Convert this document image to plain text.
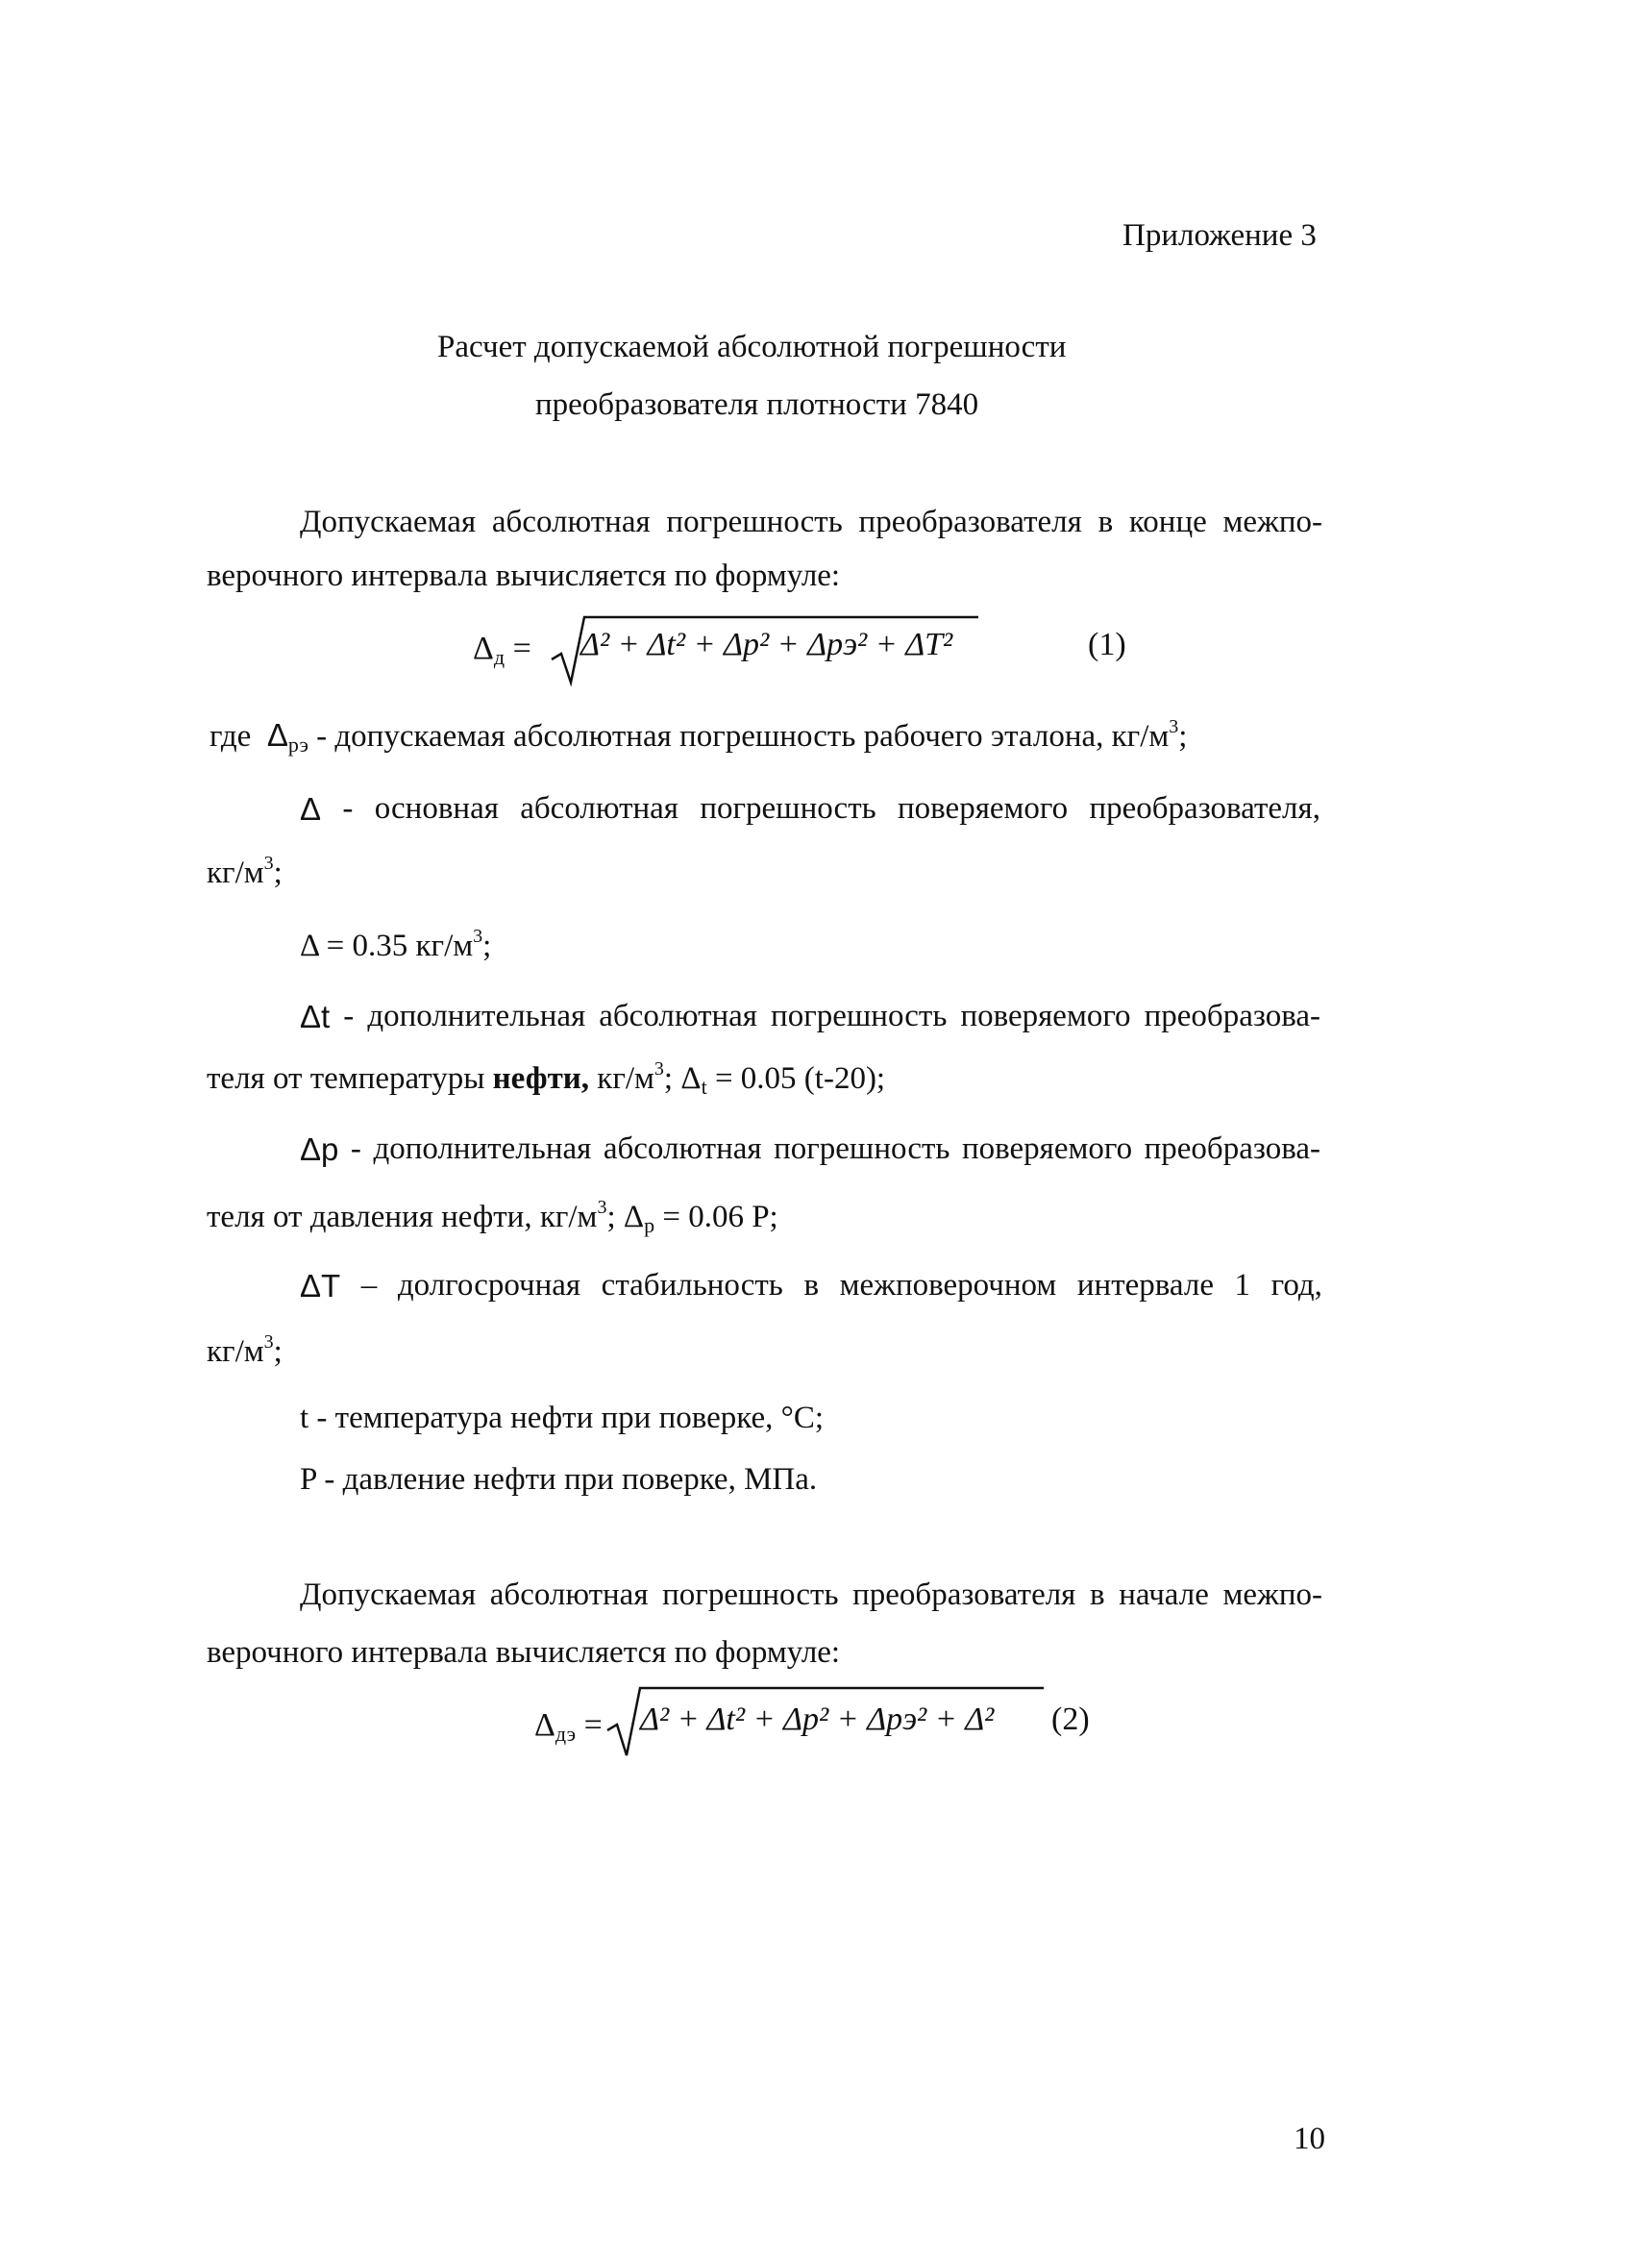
Приложение 3
Расчет допускаемой абсолютной погрешности
преобразователя плотности 7840
Допускаемая абсолютная погрешность преобразователя в конце межпо-
верочного интервала вычисляется по формуле:
$\Delta_д = \Delta^2 + \Delta t^2 + \Delta p^2 + \Delta pэ^2 + \Delta T^2$	(1)
где $\Delta_{рэ}$ - допускаемая абсолютная погрешность рабочего эталона, $кг/м^3$;
Δ - основная абсолютная погрешность поверяемого преобразователя,
$кг/м^3$;
Δ = 0.35 $кг/м^3$;
Δt - дополнительная абсолютная погрешность поверяемого преобразова-
теля от температуры нефти, $кг/м^3$; $\Delta_t = 0.05$ (t-20);
Δp - дополнительная абсолютная погрешность поверяемого преобразова-
теля от давления нефти, $кг/м^3$; $\Delta_p = 0.06$ P;
ΔT – долгосрочная стабильность в межповерочном интервале 1 год,
$кг/м^3$;
t - температура нефти при поверке, °С;
P - давление нефти при поверке, МПа.
Допускаемая абсолютная погрешность преобразователя в начале межпо-
верочного интервала вычисляется по формуле:
$\Delta_{дэ} = \Delta^2 + \Delta t^2 + \Delta p^2 + \Delta pэ^2 + \Delta^2$ (2)
10
